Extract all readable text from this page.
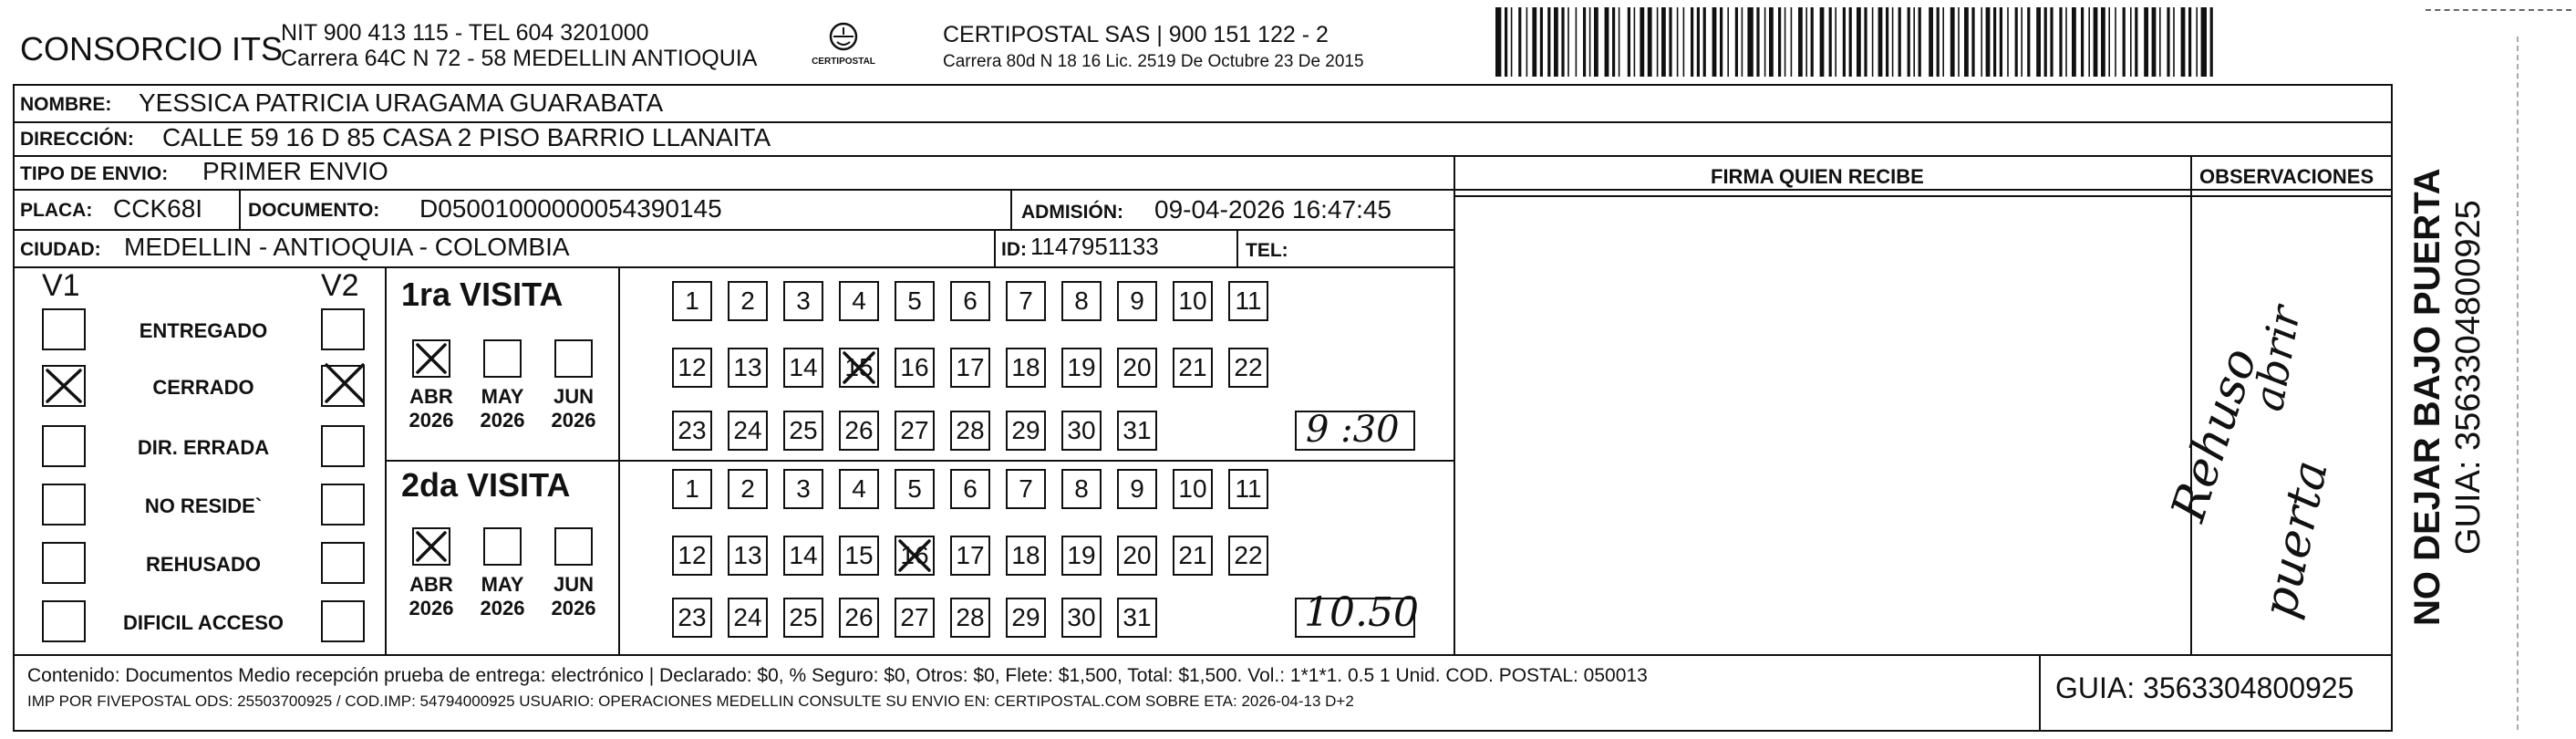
CONSORCIO ITS
NIT 900 413 115 - TEL 604 3201000
Carrera 64C N 72 - 58 MEDELLIN ANTIOQUIA	CERTIPOSTAL
CERTIPOSTAL SAS | 900 151 122 - 2
Carrera 80d N 18 16 Lic. 2519 De Octubre 23 De 2015
NOMBRE: YESSICA PATRICIA URAGAMA GUARABATA
DIRECCIÓN: CALLE 59 16 D 85 CASA 2 PISO BARRIO LLANAITA
TIPO DE ENVIO: PRIMER ENVIO	FIRMA QUIEN RECIBE	OBSERVACIONES
PLACA: CCK68I DOCUMENTO: D05001000000054390145	ADMISIÓN: 09-04-2026 16:47:45
CIUDAD: MEDELLIN - ANTIOQUIA - COLOMBIA	ID: 1147951133	TEL:
V1	V2
ENTREGADO
CERRADO
DIR. ERRADA
NO RESIDE`
REHUSADO
DIFICIL ACCESO
1ra VISITA
2da VISITA
ABR
2026
MAY
2026
JUN
2026
ABR
2026
MAY
2026
JUN
2026
1	2	3	4	5	6	7	8	9	10 11
12 13 14 15 16 17 18 19 20 21 22
23 24 25 26 27 28 29 30 31
1	2	3	4	5	6	7	8	9	10 11
12 13 14 15 16 17 18 19 20 21 22
23 24 25 26 27 28 29 30 31
9 :30
10.50
Rehuso
puerta
abrir
Contenido: Documentos Medio recepción prueba de entrega: electrónico | Declarado: $0, % Seguro: $0, Otros: $0, Flete: $1,500, Total: $1,500. Vol.: 1*1*1. 0.5 1 Unid. COD. POSTAL: 050013
IMP POR FIVEPOSTAL ODS: 25503700925 / COD.IMP: 54794000925 USUARIO: OPERACIONES MEDELLIN CONSULTE SU ENVIO EN: CERTIPOSTAL.COM SOBRE ETA: 2026-04-13 D+2	GUIA: 3563304800925
NO DEJAR BAJO PUERTA GUIA: 3563304800925
